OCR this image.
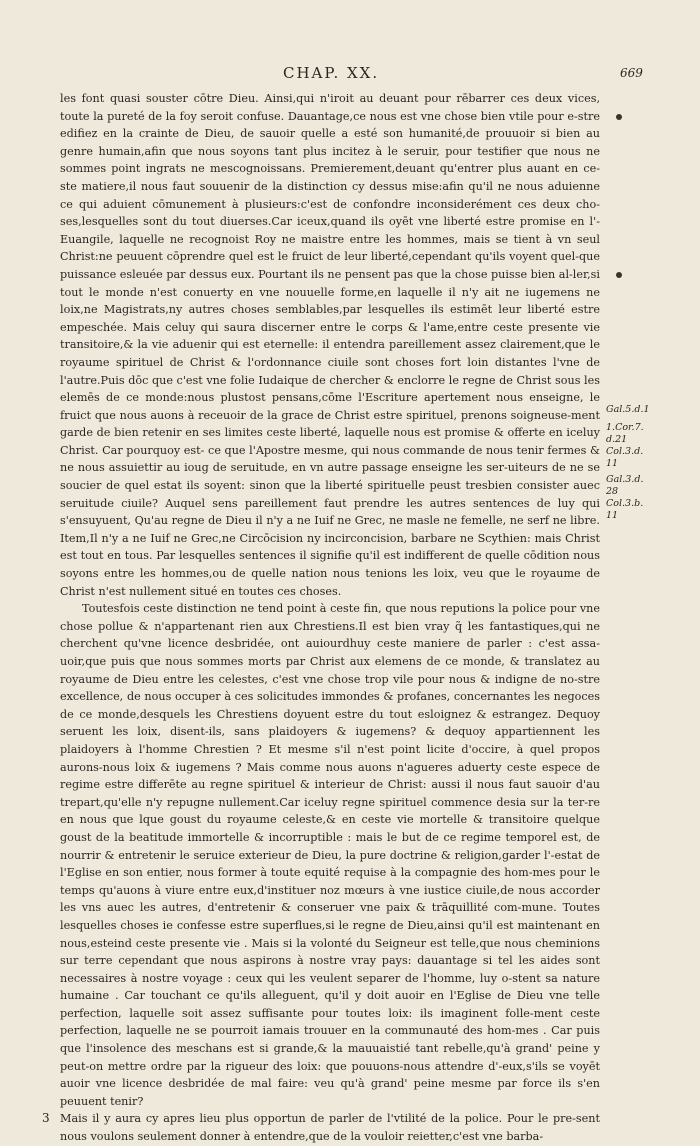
CHAP. XX.	669

les font quasi souster cōtre Dieu. Ainsi,qui n'iroit au deuant pour rēbarrer ces deux vices, toute la pureté de la foy seroit confuse. Dauantage,ce nous est vne chose bien vtile pour e-stre edifiez en la crainte de Dieu, de sauoir quelle a esté son humanité,de prouuoir si bien au genre humain,afin que nous soyons tant plus incitez à le seruir, pour testifier que nous ne sommes point ingrats ne mescognoissans. Premierement,deuant qu'entrer plus auant en ce-ste matiere,il nous faut souuenir de la distinction cy dessus mise:afin qu'il ne nous aduienne ce qui aduient cōmunement à plusieurs:c'est de confondre inconsiderément ces deux cho-ses,lesquelles sont du tout diuerses.Car iceux,quand ils oyēt vne liberté estre promise en l'-Euangile, laquelle ne recognoist Roy ne maistre entre les hommes, mais se tient à vn seul Christ:ne peuuent cōprendre quel est le fruict de leur liberté,cependant qu'ils voyent quel-que puissance esleuée par dessus eux. Pourtant ils ne pensent pas que la chose puisse bien al-ler,si tout le monde n'est conuerty en vne nouuelle forme,en laquelle il n'y ait ne iugemens ne loix,ne Magistrats,ny autres choses semblables,par lesquelles ils estimēt leur liberté estre empeschée. Mais celuy qui saura discerner entre le corps & l'ame,entre ceste presente vie transitoire,& la vie aduenir qui est eternelle: il entendra pareillement assez clairement,que le royaume spirituel de Christ & l'ordonnance ciuile sont choses fort loin distantes l'vne de l'autre.Puis dōc que c'est vne folie Iudaique de chercher & enclorre le regne de Christ sous les elemēs de ce monde:nous plustost pensans,cōme l'Escriture apertement nous enseigne, le fruict que nous auons à receuoir de la grace de Christ estre spirituel, prenons soigneuse-ment garde de bien retenir en ses limites ceste liberté, laquelle nous est promise & offerte en iceluy Christ. Car pourquoy est- ce que l'Apostre mesme, qui nous commande de nous tenir fermes & ne nous assuiettir au ioug de seruitude, en vn autre passage enseigne les ser-uiteurs de ne se soucier de quel estat ils soyent: sinon que la liberté spirituelle peust tresbien consister auec seruitude ciuile? Auquel sens pareillement faut prendre les autres sentences de luy qui s'ensuyuent, Qu'au regne de Dieu il n'y a ne Iuif ne Grec, ne masle ne femelle, ne serf ne libre. Item,Il n'y a ne Iuif ne Grec,ne Circōcision ny incirconcision, barbare ne Scythien: mais Christ est tout en tous. Par lesquelles sentences il signifie qu'il est indifferent de quelle cōdition nous soyons entre les hommes,ou de quelle nation nous tenions les loix, veu que le royaume de Christ n'est nullement situé en toutes ces choses.

Toutesfois ceste distinction ne tend point à ceste fin, que nous reputions la police pour vne chose pollue & n'appartenant rien aux Chrestiens.Il est bien vray q̃ les fantastiques,qui ne cherchent qu'vne licence desbridée, ont auiourdhuy ceste maniere de parler : c'est assa-uoir,que puis que nous sommes morts par Christ aux elemens de ce monde, & translatez au royaume de Dieu entre les celestes, c'est vne chose trop vile pour nous & indigne de no-stre excellence, de nous occuper à ces solicitudes immondes & profanes, concernantes les negoces de ce monde,desquels les Chrestiens doyuent estre du tout esloignez & estrangez. Dequoy seruent les loix, disent-ils, sans plaidoyers & iugemens? & dequoy appartiennent les plaidoyers à l'homme Chrestien ? Et mesme s'il n'est point licite d'occire, à quel propos aurons-nous loix & iugemens ? Mais comme nous auons n'agueres aduerty ceste espece de regime estre differēte au regne spirituel & interieur de Christ: aussi il nous faut sauoir d'au trepart,qu'elle n'y repugne nullement.Car iceluy regne spirituel commence desia sur la ter-re en nous que lque goust du royaume celeste,& en ceste vie mortelle & transitoire quelque goust de la beatitude immortelle & incorruptible : mais le but de ce regime temporel est, de nourrir & entretenir le seruice exterieur de Dieu, la pure doctrine & religion,garder l'-estat de l'Eglise en son entier, nous former à toute equité requise à la compagnie des hom-mes pour le temps qu'auons à viure entre eux,d'instituer noz mœurs à vne iustice ciuile,de nous accorder les vns auec les autres, d'entretenir & conseruer vne paix & trāquillité com-mune. Toutes lesquelles choses ie confesse estre superflues,si le regne de Dieu,ainsi qu'il est maintenant en nous,esteind ceste presente vie . Mais si la volonté du Seigneur est telle,que nous cheminions sur terre cependant que nous aspirons à nostre vray pays: dauantage si tel les aides sont necessaires à nostre voyage : ceux qui les veulent separer de l'homme, luy o-stent sa nature humaine . Car touchant ce qu'ils alleguent, qu'il y doit auoir en l'Eglise de Dieu vne telle perfection, laquelle soit assez suffisante pour toutes loix: ils imaginent folle-ment ceste perfection, laquelle ne se pourroit iamais trouuer en la communauté des hom-mes . Car puis que l'insolence des meschans est si grande,& la mauuaistié tant rebelle,qu'à grand' peine y peut-on mettre ordre par la rigueur des loix: que pouuons-nous attendre d'-eux,s'ils se voyēt auoir vne licence desbridée de mal faire: veu qu'à grand' peine mesme par force ils s'en peuuent tenir?

3 Mais il y aura cy apres lieu plus opportun de parler de l'vtilité de la police. Pour le pre-sent nous voulons seulement donner à entendre,que de la vouloir reietter,c'est vne barba-

Gal.5.d.1
1.Cor.7.
d.21
Col.3.d.
11
Gal.3.d.
28
Col.3.b.
11
